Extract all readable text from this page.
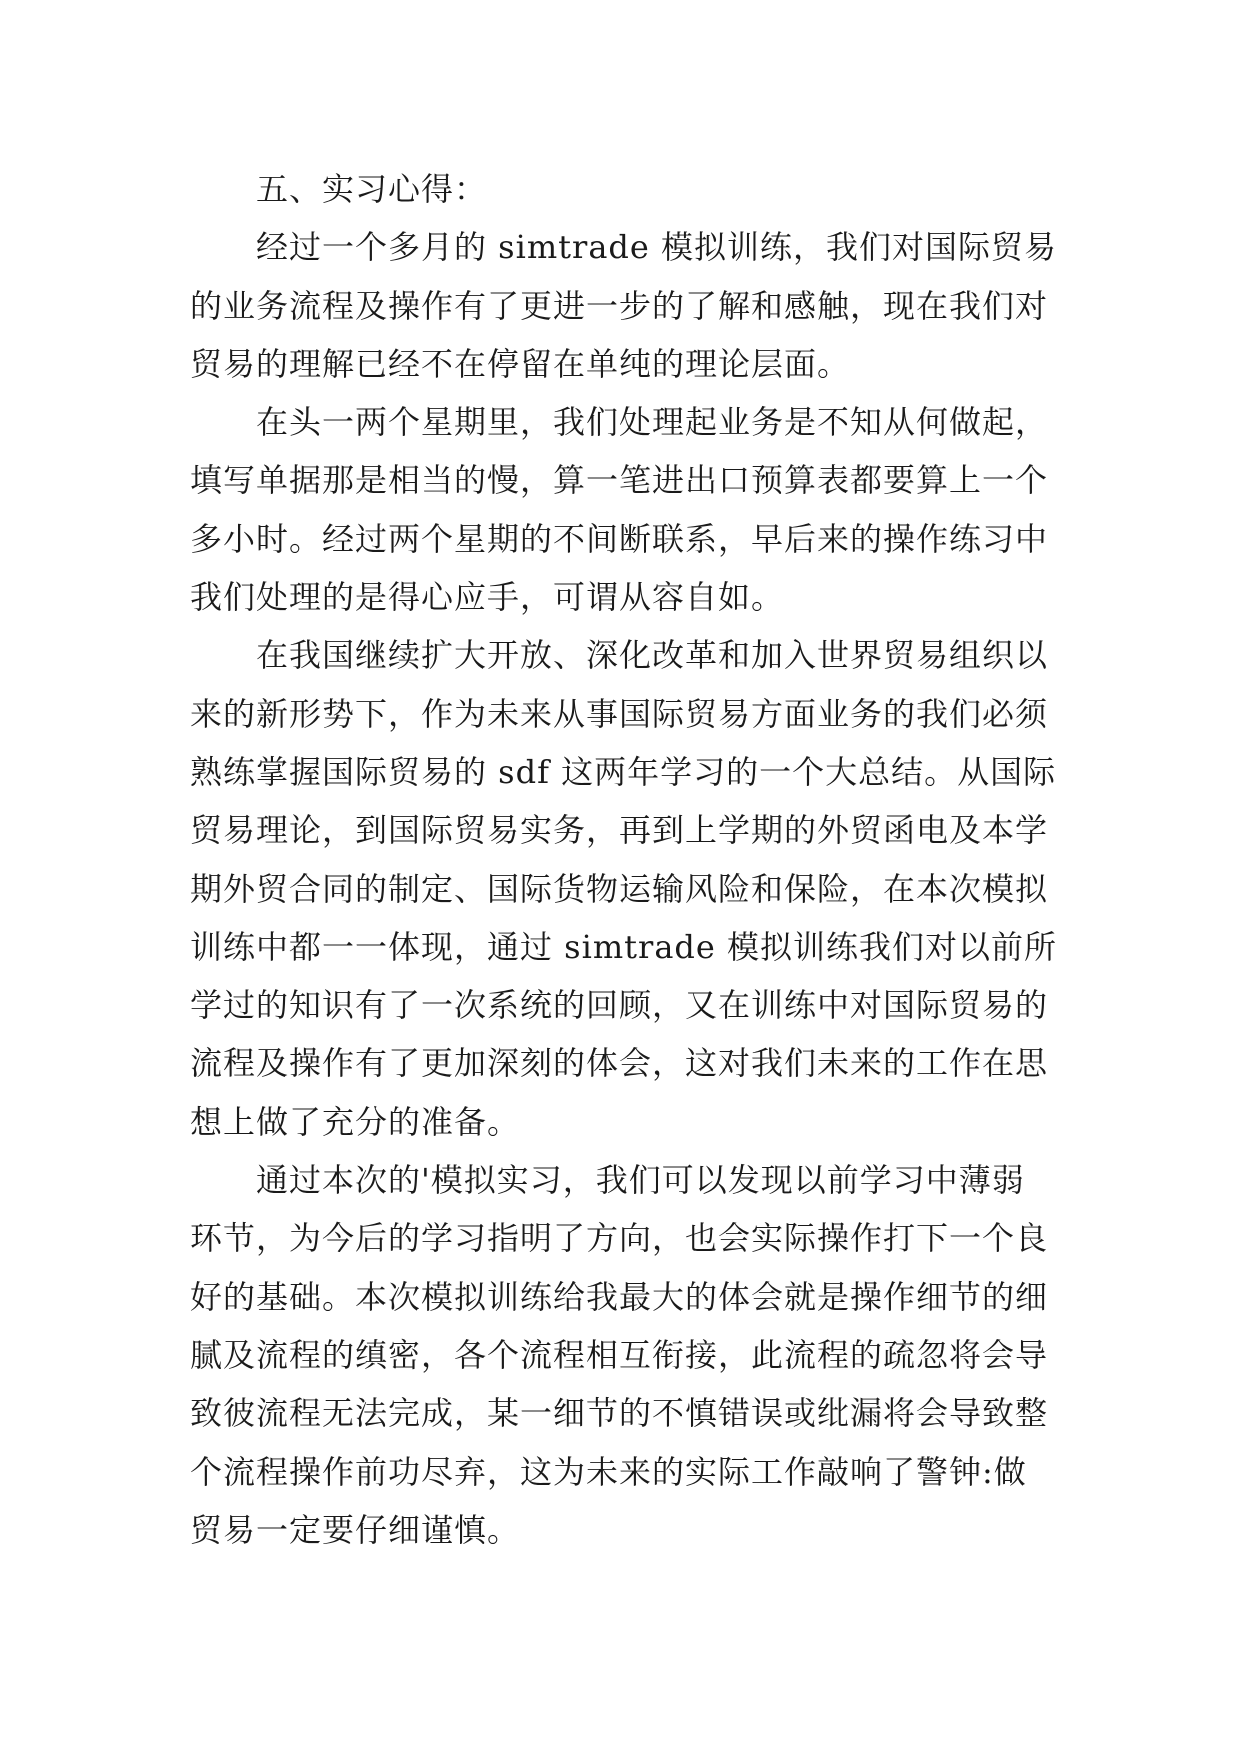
五、实习心得：
经过一个多月的 simtrade 模拟训练，我们对国际贸易
的业务流程及操作有了更进一步的了解和感触，现在我们对
贸易的理解已经不在停留在单纯的理论层面。
在头一两个星期里，我们处理起业务是不知从何做起，
填写单据那是相当的慢，算一笔进出口预算表都要算上一个
多小时。经过两个星期的不间断联系，早后来的操作练习中
我们处理的是得心应手，可谓从容自如。
在我国继续扩大开放、深化改革和加入世界贸易组织以
来的新形势下，作为未来从事国际贸易方面业务的我们必须
熟练掌握国际贸易的 sdf 这两年学习的一个大总结。从国际
贸易理论，到国际贸易实务，再到上学期的外贸函电及本学
期外贸合同的制定、国际货物运输风险和保险，在本次模拟
训练中都一一体现，通过 simtrade 模拟训练我们对以前所
学过的知识有了一次系统的回顾，又在训练中对国际贸易的
流程及操作有了更加深刻的体会，这对我们未来的工作在思
想上做了充分的准备。
通过本次的'模拟实习，我们可以发现以前学习中薄弱
环节，为今后的学习指明了方向，也会实际操作打下一个良
好的基础。本次模拟训练给我最大的体会就是操作细节的细
腻及流程的缜密，各个流程相互衔接，此流程的疏忽将会导
致彼流程无法完成，某一细节的不慎错误或纰漏将会导致整
个流程操作前功尽弃，这为未来的实际工作敲响了警钟:做
贸易一定要仔细谨慎。
